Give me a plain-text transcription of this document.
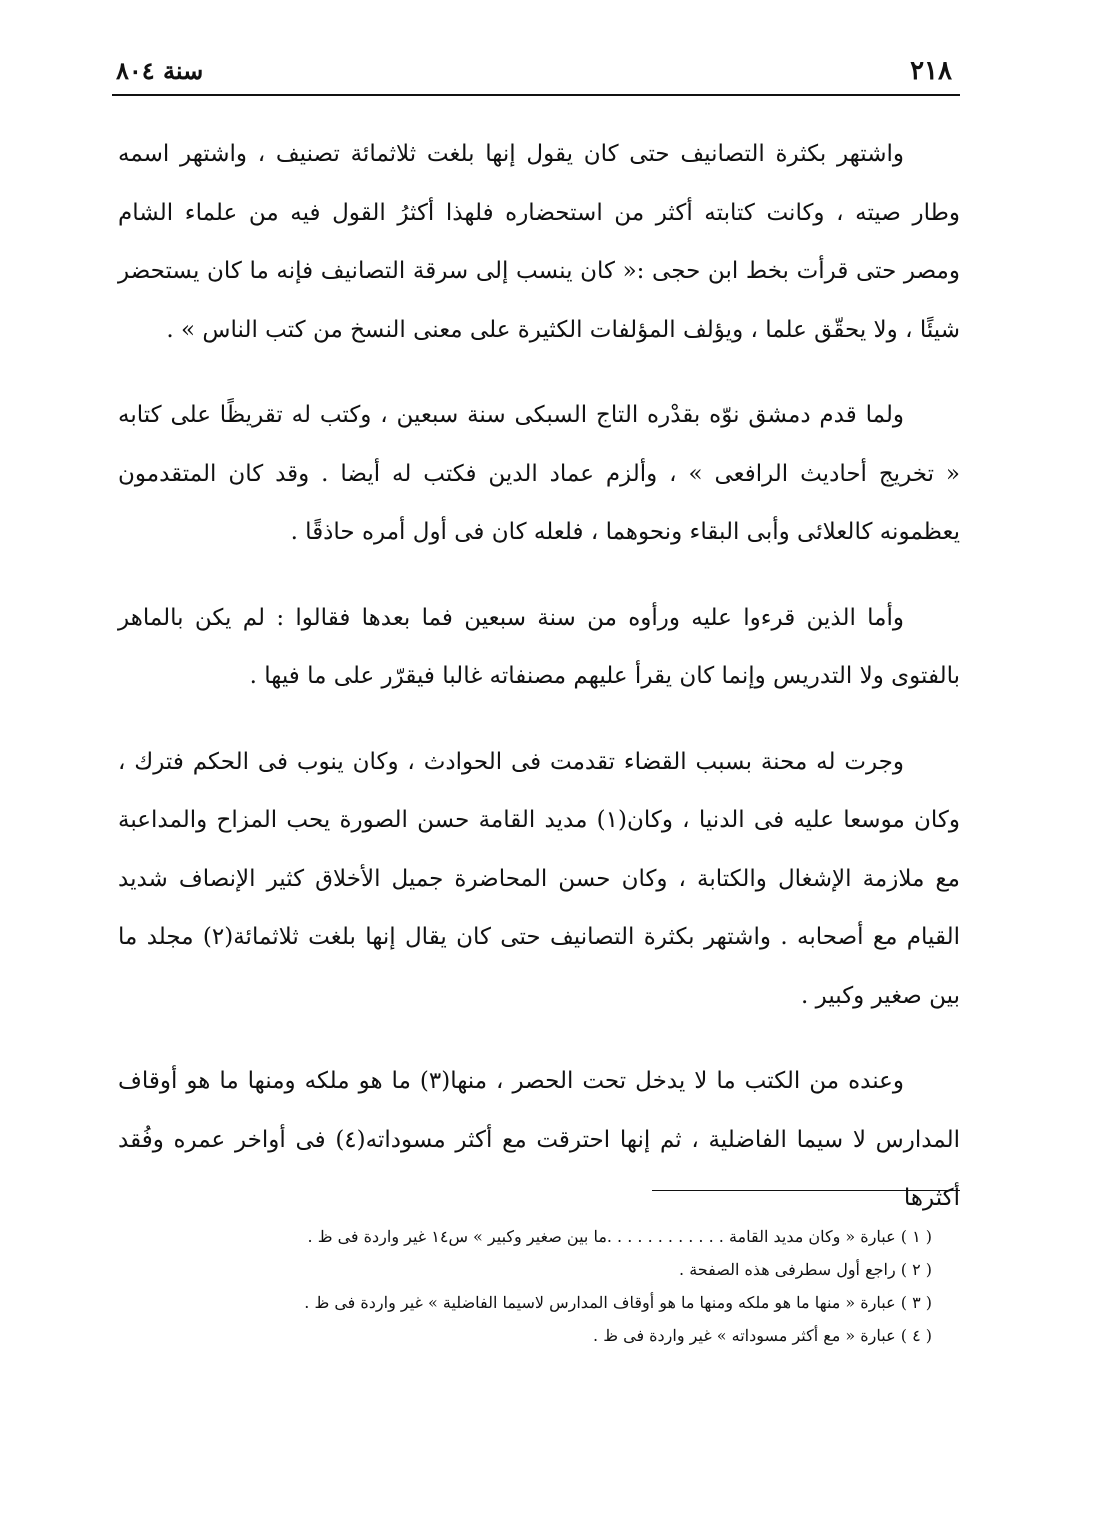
٢١٨
سنة ٨٠٤

واشتهر بكثرة التصانيف حتى كان يقول إنها بلغت ثلاثمائة تصنيف ، واشتهر اسمه وطار صيته ، وكانت كتابته أكثر من استحضاره فلهذا أكثرُ القول فيه من علماء الشام ومصر حتى قرأت بخط ابن حجى :« كان ينسب إلى سرقة التصانيف فإنه ما كان يستحضر شيئًا ، ولا يحقّق علما ، ويؤلف المؤلفات الكثيرة على معنى النسخ من كتب الناس » .

ولما قدم دمشق نوّه بقدْره التاج السبكى سنة سبعين ، وكتب له تقريظًا على كتابه « تخريج أحاديث الرافعى » ، وألزم عماد الدين فكتب له أيضا . وقد كان المتقدمون يعظمونه كالعلائى وأبى البقاء ونحوهما ، فلعله كان فى أول أمره حاذقًا .

وأما الذين قرءوا عليه ورأوه من سنة سبعين فما بعدها فقالوا : لم يكن بالماهر بالفتوى ولا التدريس وإنما كان يقرأ عليهم مصنفاته غالبا فيقرّر على ما فيها .

وجرت له محنة بسبب القضاء تقدمت فى الحوادث ، وكان ينوب فى الحكم فترك ، وكان موسعا عليه فى الدنيا ، وكان(١) مديد القامة حسن الصورة يحب المزاح والمداعبة مع ملازمة الإشغال والكتابة ، وكان حسن المحاضرة جميل الأخلاق كثير الإنصاف شديد القيام مع أصحابه . واشتهر بكثرة التصانيف حتى كان يقال إنها بلغت ثلاثمائة(٢) مجلد ما بين صغير وكبير .

وعنده من الكتب ما لا يدخل تحت الحصر ، منها(٣) ما هو ملكه ومنها ما هو أوقاف المدارس لا سيما الفاضلية ، ثم إنها احترقت مع أكثر مسوداته(٤) فى أواخر عمره وفُقد أكثرها

( ١ ) عبارة « وكان مديد القامة . . . . . . . . . . . .ما بين صغير وكبير » س١٤ غير واردة فى ظ .
( ٢ ) راجع أول سطرفى هذه الصفحة .
( ٣ ) عبارة « منها ما هو ملكه ومنها ما هو أوقاف المدارس لاسيما الفاضلية » غير واردة فى ظ .
( ٤ ) عبارة « مع أكثر مسوداته » غير واردة فى ظ .
